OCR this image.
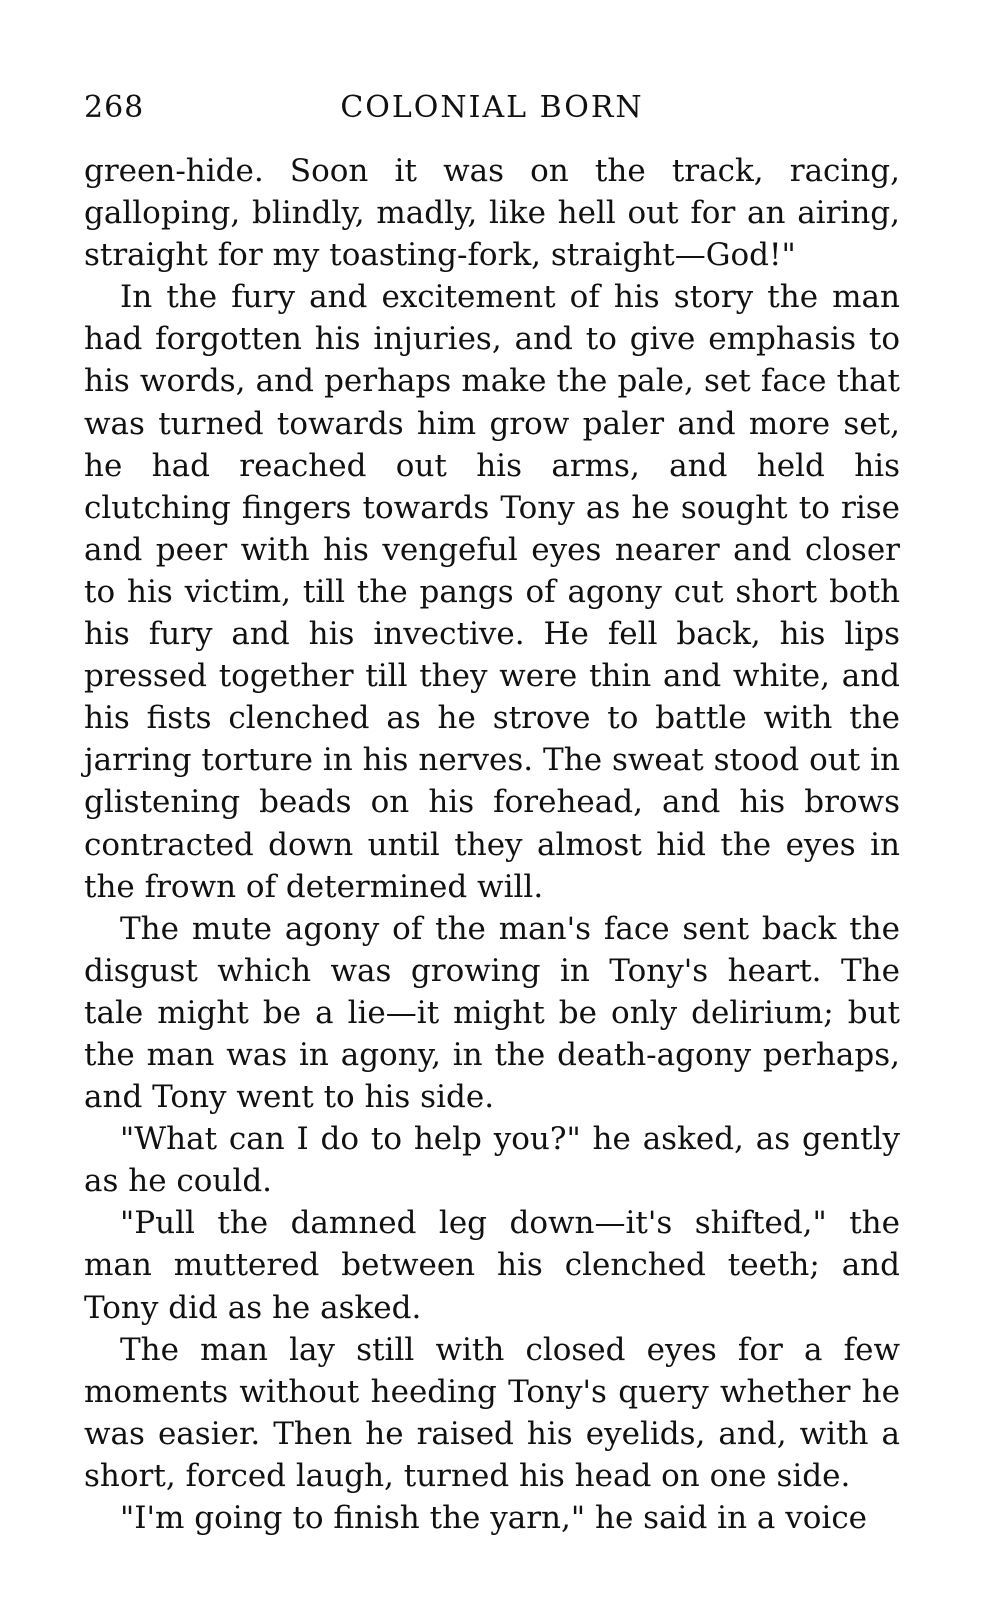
268	COLONIAL BORN

green-hide. Soon it was on the track, racing, galloping, blindly, madly, like hell out for an airing, straight for my toasting-fork, straight—God!"

In the fury and excitement of his story the man had forgotten his injuries, and to give emphasis to his words, and perhaps make the pale, set face that was turned towards him grow paler and more set, he had reached out his arms, and held his clutching fingers towards Tony as he sought to rise and peer with his vengeful eyes nearer and closer to his victim, till the pangs of agony cut short both his fury and his invective. He fell back, his lips pressed together till they were thin and white, and his fists clenched as he strove to battle with the jarring torture in his nerves. The sweat stood out in glistening beads on his forehead, and his brows contracted down until they almost hid the eyes in the frown of determined will.

The mute agony of the man's face sent back the disgust which was growing in Tony's heart. The tale might be a lie—it might be only delirium; but the man was in agony, in the death-agony perhaps, and Tony went to his side.

"What can I do to help you?" he asked, as gently as he could.

"Pull the damned leg down—it's shifted," the man muttered between his clenched teeth; and Tony did as he asked.

The man lay still with closed eyes for a few moments without heeding Tony's query whether he was easier. Then he raised his eyelids, and, with a short, forced laugh, turned his head on one side.

"I'm going to finish the yarn," he said in a voice
